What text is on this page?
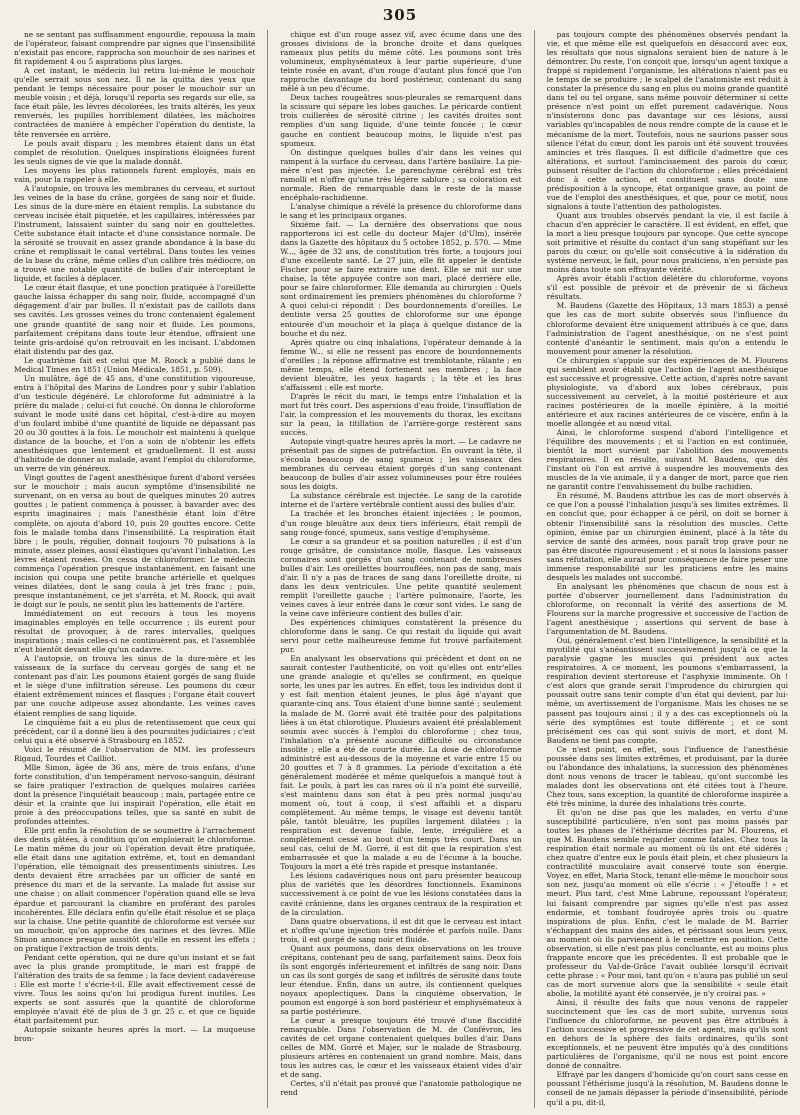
305

ne se sentant pas suffisamment engourdie, repoussa la main de l'opérateur, faisant comprendre par signes que l'insensibilité n'existait pas encore, rapprocha son mouchoir de ses narines et fit rapidement 4 ou 5 aspirations plus larges.

A cet instant, le médecin lui retira lui-même le mouchoir qu'elle serrait sous son nez. Il ne la quitta des yeux que pendant le temps nécessaire pour poser le mouchoir sur un meuble voisin ; et déjà, lorsqu'il reporta ses regards sur elle, sa face était pâle, les lèvres décolorées, les traits altérés, les yeux renversés, les pupilles horriblement dilatées, les mâchoires contractées de manière à empêcher l'opération du dentiste, la tête renversée en arrière.

Le pouls avait disparu ; les membres étaient dans un état complet de résolution. Quelques inspirations éloignées furent les seuls signes de vie que la malade donnât.

Les moyens les plus rationnels furent employés, mais en vain, pour la rappeler à elle.

A l'autopsie, on trouva les membranes du cerveau, et surtout les veines de la base du crâne, gorgées de sang noir et fluide. Les sinus de la dure-mère en étaient remplis. La substance du cerveau incisée était piquetée, et les capillaires, intéressées par l'instrument, laissaient suinter du sang noir en gouttelettes. Cette substance était intacte et d'une consistance normale. De la sérosité se trouvait en assez grande abondance à la base du crâne et remplissait le canal vertébral. Dans toutes les veines de la base du crâne, même celles d'un calibre très médiocre, on a trouvé une notable quantité de bulles d'air interceptant le liquide, et faciles à déplacer.

Le cœur était flasque, et une ponction pratiquée à l'oreillette gauche laissa échapper du sang noir, fluide, accompagné d'un dégagement d'air par bulles. Il n'existait pas de caillots dans ses cavités. Les grosses veines du tronc contenaient également une grande quantité de sang noir et fluide. Les poumons, parfaitement crépitans dans toute leur étendue, offraient une teinte gris-ardoisé qu'on retrouvait en les incisant. L'abdomen était distendu par des gaz.

Le quatrième fait est celui que M. Roock a publié dans le Medical Times en 1851 (Union Médicale, 1851, p. 509).

Un mulâtre, âgé de 45 ans, d'une constitution vigoureuse, entra à l'hôpital des Marins de Londres pour y subir l'ablation d'un testicule dégénéré. Le chloroforme fut administré à la prière du malade ; celui-ci fut couché. On donna le chloroforme suivant le mode usité dans cet hôpital, c'est-à-dire au moyen d'un foulard imbibé d'une quantité de liquide ne dépassant pas 20 ou 30 gouttes à la fois. Le mouchoir est maintenu à quelque distance de la bouche, et l'on a soin de n'obtenir les effets anesthésiques que lentement et graduellement. Il est aussi d'habitude de donner au malade, avant l'emploi du chloroforme, un verre de vin généreux.

Vingt gouttes de l'agent anesthésique furent d'abord versées sur le mouchoir ; mais aucun symptôme d'insensibilité ne survenant, on en versa au bout de quelques minutes 20 autres gouttes ; le patient commença à pousser, à bavarder avec des esprits imaginaires ; mais l'anesthésie étant loin d'être complète, on ajouta d'abord 10, puis 20 gouttes encore. Cette fois le malade tomba dans l'insensibilité. La respiration était libre ; le pouls, régulier, donnait toujours 70 pulsations à la minute, assez pleines, aussi élastiques qu'avant l'inhalation. Les lèvres étaient rosées. On cessa de chloroformer. Le médecin commença l'opération presque instantanément, en faisant une incision qui coupa une petite branche artérielle et quelques veines dilatées, dont le sang coula à jet très franc ; puis, presque instantanément, ce jet s'arrêta, et M. Roock, qui avait le doigt sur le pouls, ne sentit plus les battements de l'artère.

Immédiatement on eut recours à tous les moyens imaginables employés en telle occurrence ; ils eurent pour résultat de provoquer, à de rares intervalles, quelques inspirations ; mais celles-ci ne continuèrent pas, et l'assemblée n'eut bientôt devant elle qu'un cadavre.

A l'autopsie, on trouva les sinus de la dure-mère et les vaisseaux de la surface du cerveau gorgés de sang et ne contenant pas d'air. Les poumons étaient gorgés de sang fluide et le siège d'une infiltration séreuse. Les poumons du cœur étaient extrêmement minces et flasques ; l'organe était couvert par une couche adipeuse assez abondante. Les veines caves étaient remplies de sang liquide.

Le cinquième fait a eu plus de retentissement que ceux qui précèdent, car il a donné lieu à des poursuites judiciaires ; c'est celui qui a été observé à Strasbourg en 1852.

Voici le résumé de l'observation de MM. les professeurs Rigaud, Tourdes et Cailliot.

Mlle Simon, âgée de 36 ans, mère de trois enfans, d'une forte constitution, d'un tempérament nervoso-sanguin, désirant se faire pratiquer l'extraction de quelques molaires cariées dont la présence l'inquiétait beaucoup ; mais, partagée entre ce désir et la crainte que lui inspirait l'opération, elle était en proie à des préoccupations telles, que sa santé en subit de profondes atteintes.

Elle prit enfin la résolution de se soumettre à l'arrachement des dents gâtées, à condition qu'on emploierait le chloroforme. Le matin même du jour où l'opération devait être pratiquée, elle était dans une agitation extrême, et, tout en demandant l'opération, elle témoignait des pressentiments sinistres. Les dents devaient être arrachées par un officier de santé en présence du mari et de la servante. La malade fut assise sur une chaise ; on allait commencer l'opération quand elle se leva épardue et parcourant la chambre en proférant des paroles incohérentes. Elle déclara enfin qu'elle était résolue et se plaça sur la chaise. Une petite quantité de chloroforme est versée sur un mouchoir, qu'on approche des narines et des lèvres. Mlle Simon annonce presque aussitôt qu'elle en ressent les effets ; on pratique l'extraction de trois dents.

Pendant cette opération, qui ne dure qu'un instant et se fait avec la plus grande promptitude, le mari est frappé de l'altération des traits de sa femme ; la face devient cadavéreuse : Elle est morte ! s'écrie-t-il. Elle avait effectivement cessé de vivre. Tous les soins qu'on lui prodigua furent inutiles. Les experts se sont assurés que la quantité de chloroforme employée n'avait été de plus de 3 gr. 25 c. et que ce liquide était parfaitement pur.

Autopsie soixante heures après la mort. — La muqueuse bron-

chique est d'un rouge assez vif, avec écume dans une des grosses divisions de la bronche droite et dans quelques rameaux plus petits du même côté. Les poumons sont très volumineux, emphysémateux à leur partie supérieure, d'une teinte rosée en avant, d'un rouge d'autant plus foncé que l'on rapproche davantage du bord postérieur, contenant du sang mêlé à un peu d'écume.

Deux taches rougeâtres sous-pleurales se remarquent dans la scissure qui sépare les lobes gauches. Le péricarde contient trois cuillerées de sérosité citrine ; les cavités droites sont remplies d'un sang liquide, d'une teinte foncée ; le cœur gauche en contient beaucoup moins, le liquide n'est pas spumeux.

On distingue quelques bulles d'air dans les veines qui rampent à la surface du cerveau, dans l'artère basilaire. La pie-mère n'est pas injectée. Le parenchyme cérébral est très ramolli et n'offre qu'une très légère sablure ; sa coloration est normale. Rien de remarquable dans le reste de la masse encéphalo-rachidienne.

L'analyse chimique a révélé la présence du chloroforme dans le sang et les principaux organes.

Sixième fait. — La dernière des observations que nous rapporterons ici est celle du docteur Majer (d'Ulm), insérée dans la Gazette des hôpitaux du 5 octobre 1852, p. 570. — Mme W..., âgée de 32 ans, de constitution très forte, a toujours joui d'une excellente santé. Le 27 juin, elle fit appeler le dentiste Fischer pour se faire extraire une dent. Elle se mit sur une chaise, la tête appuyée contre son mari, placé derrière elle, pour se faire chloroformer. Elle demanda au chirurgien : Quels sont ordinairement les premiers phénomènes du chloroforme ? A quoi celui-ci répondit : Des bourdonnements d'oreilles. Le dentiste versa 25 gouttes de chloroforme sur une éponge entourée d'un mouchoir et la plaça à quelque distance de la bouche et du nez.

Après quatre ou cinq inhalations, l'opérateur demande à la femme W... si elle ne ressent pas encore de bourdonnements d'oreilles ; la réponse affirmative est tremblotante, râlante ; en même temps, elle étend fortement ses membres ; la face devient bleuâtre, les yeux hagards ; la tête et les bras s'affaissent : elle est morte.

D'après le récit du mari, le temps entre l'inhalation et la mort fut très court. Des aspersions d'eau froide, l'insufflation de l'air, la compression et les mouvements du thorax, les excitans sur la peau, la titillation de l'arrière-gorge restèrent sans succès.

Autopsie vingt-quatre heures après la mort. — Le cadavre ne présentait pas de signes de putréfaction. En ouvrant la tête, il s'écoula beaucoup de sang spumeux ; les vaisseaux des membranes du cerveau étaient gorgés d'un sang contenant beaucoup de bulles d'air assez volumineuses pour être roulées sous les doigts.

La substance cérébrale est injectée. Le sang de la carotide interne et de l'artère vertébrale contient aussi des bulles d'air.

La trachée et les bronches étaient injectées ; le poumon, d'un rouge bleuâtre aux deux tiers inférieurs, était rempli de sang rouge-foncé, spumeux, sans vestige d'emphysème.

Le cœur a sa grandeur et sa position naturelles ; il est d'un rouge grisâtre, de consistance molle, flasque. Les vaisseaux coronaires sont gorgés d'un sang contenant de nombreuses bulles d'air. Les oreillettes bourrouflées, non pas de sang, mais d'air. Il n'y a pas de traces de sang dans l'oreillette droite, ni dans les deux ventricules. Une petite quantité seulement remplit l'oreillette gauche ; l'artère pulmonaire, l'aorte, les veines caves à leur entrée dans le cœur sont vides. Le sang de la veine cave inférieure contient des bulles d'air.

Des expériences chimiques constatèrent la présence du chloroforme dans le sang. Ce qui restait du liquide qui avait servi pour cette malheureuse femme fut trouvé parfaitement pur.

En analysant les observations qui précèdent et dont on ne saurait contester l'authenticité, on voit qu'elles ont entr'elles une grande analogie et qu'elles se confirment, en quelque sorte, les unes par les autres. En effet, tous les individus dont il y est fait mention étaient jeunes, le plus âgé n'ayant que quarante-cinq ans. Tous étaient d'une bonne santé ; seulement la malade de M. Gorré avait été traitée pour des palpitations liées à un état chlorotique. Plusieurs avaient été préalablement soumis avec succès à l'emploi du chloroforme ; chez tous, l'inhalation n'a présenté aucune difficulté ou circonstance insolite ; elle a été de courte durée. La dose de chloroforme administré est au-dessous de la moyenne et varie entre 15 ou 20 gouttes et 7 à 8 grammes. La période d'excitation a été généralement modérée et même quelquefois a manqué tout à fait. Le pouls, à part les cas rares où il n'a point été surveillé, s'est maintenu dans son état à peu près normal jusqu'au moment où, tout à coup, il s'est affaibli et a disparu complètement. Au même temps, le visage est devenu tantôt pâle, tantôt bleuâtre, les pupilles largement dilatées ; la respiration est devenue faible, lente, irrégulière et a complètement cessé au bout d'un temps très court. Dans un seul cas, celui de M. Gorré, il est dit que la respiration s'est embarrassée et que la malade a eu de l'écume à la bouche. Toujours la mort a été très rapide et presque instantanée.

Les lésions cadavériques nous ont paru présenter beaucoup plus de variétés que les désordres fonctionnels. Examinons successivement à ce point de vue les lésions constatées dans la cavité crânienne, dans les organes centraux de la respiration et de la circulation.

Dans quatre observations, il est dit que le cerveau est intact et n'offre qu'une injection très modérée et parfois nulle. Dans trois, il est gorgé de sang noir et fluide.

Quant aux poumons, dans deux observations on les trouve crépitans, contenant peu de sang, parfaitement sains. Deux fois ils sont engorgés inférieurement et infiltrés de sang noir. Dans un cas ils sont gorgés de sang et infiltrés de sérosité dans toute leur étendue. Enfin, dans un autre, ils contiennent quelques noyaux apoplectiques. Dans la cinquième observation, le poumon est engorgé à son bord postérieur et emphysémateux à sa partie postérieure.

Le cœur a presque toujours été trouvé d'une flaccidité remarquable. Dans l'observation de M. de Confévron, les cavités de cet organe contenaient quelques bulles d'air. Dans celles de MM. Gorré et Majer, sur le malade de Strasbourg, plusieurs artères en contenaient un grand nombre. Mais, dans tous les autres cas, le cœur et les vaisseaux étaient vides d'air et de sang.

Certes, s'il n'était pas prouvé que l'anatomie pathologique ne rend

pas toujours compte des phénomènes observés pendant la vie, et que même elle est quelquefois en désaccord avec eux, les résultats que nous signalons seraient bien de nature à le démontrer. Du reste, l'on conçoit que, lorsqu'un agent toxique a frappé si rapidement l'organisme, les altérations n'aient pas eu le temps de se produire ; le scalpel de l'anatomiste est réduit à constater la présence du sang en plus ou moins grande quantité dans tel ou tel organe, sans même pouvoir déterminer si cette présence n'est point un effet purement cadavérique. Nous n'insisterons donc pas davantage sur ces lésions, aussi variables qu'incapables de nous rendre compte de la cause et le mécanisme de la mort. Toutefois, nous ne saurions passer sous silence l'état du cœur, dont les parois ont été souvent trouvées amincies et très flasques. Il est difficile d'admettre que ces altérations, et surtout l'amincissement des parois du cœur, puissent résulter de l'action du chloroforme ; elles précédaient donc à cette action, et constituent sans doute une prédisposition à la syncope, état organique grave, au point de vue de l'emploi des anesthésiques, et que, pour ce motif, nous signalons à toute l'attention des pathologistes.

Quant aux troubles observés pendant la vie, il est facile à chacun d'en apprécier le caractère. Il est évident, en effet, que la mort a lieu presque toujours par syncope. Que cette syncope soit primitive et résulte du contact d'un sang stupéfiant sur les parois du cœur, ou qu'elle soit consécutive à la sidération du système nerveux, le fait, pour nous praticiens, n'en persiste pas moins dans toute son effrayante vérité.

Après avoir établi l'action délétère du chloroforme, voyons s'il est possible de prévoir et de prévenir de si fâcheux résultats.

M. Baudens (Gazette des Hôpitaux, 13 mars 1853) a pensé que les cas de mort subite observés sous l'influence du chloroforme devaient être uniquement attribués à ce que, dans l'administration de l'agent anesthésique, on ne s'est point contenté d'anéantir le sentiment, mais qu'on a entendu le mouvement pour amener la résolution.

Ce chirurgien s'appuie sur des expériences de M. Flourens qui semblent avoir établi que l'action de l'agent anesthésique est successive et progressive. Cette action, d'après notre savant physiologiste, va d'abord aux lobes cérébraux, puis successivement au cervelet, à la moitié postérieure et aux racines postérieures de la moelle épinière, à la moitié antérieure et aux racines antérieures de ce viscère, enfin à la moelle allongée et au nœud vital.

Ainsi, le chloroforme suspend d'abord l'intelligence et l'équilibre des mouvements ; et si l'action en est continuée, bientôt la mort survient par l'abolition des mouvements respiratoires. Il en résulte, suivant M. Baudens, que dès l'instant où l'on est arrivé à suspendre les mouvements des muscles de la vie animale, il y a danger de mort, parce que rien ne garantit contre l'envahissement du bulbe rachidien.

En résumé, M. Baudens attribue les cas de mort observés à ce que l'on a poussé l'inhalation jusqu'à ses limites extrêmes. Il en conclut que, pour échapper à ce péril, on doit se borner à obtenir l'insensibilité sans la résolution des muscles. Cette opinion, émise par un chirurgien éminent, placé à la tête du service de santé des armées, nous paraît trop grave pour ne pas être discutée rigoureusement ; et si nous la laissions passer sans réfutation, elle aurait pour conséquence de faire peser une immense responsabilité sur les praticiens entre les mains desquels les malades ont succombé.

En analysant les phénomènes que chacun de nous est à portée d'observer journellement dans l'administration du chloroforme, on reconnaît la vérité des assertions de M. Flourens sur la marche progressive et successive de l'action de l'agent anesthésique ; assertions qui servent de base à l'argumentation de M. Baudens.

Oui, généralement c'est bien l'intelligence, la sensibilité et la myotilité qui s'anéantissent successivement jusqu'à ce que la paralysie gagne les muscles qui président aux actes respiratoires. A ce moment, les poumons s'embarrassent, la respiration devient stertoreuse et l'asphyxie imminente. Oh ! c'est alors que grande serait l'imprudence du chirurgien qui poussait outre sans tenir compte d'un état qui devient, par lui-même, un avertissement de l'organisme. Mais les choses ne se passent pas toujours ainsi ; il y a des cas exceptionnels où la série des symptômes est toute différente ; et ce sont précisément ces cas qui sont suivis de mort, et dont M. Baudens ne tient pas compte.

Ce n'est point, en effet, sous l'influence de l'anesthésie poussée dans ses limites extrêmes, et produisant, par la durée ou l'abondance des inhalations, la succession des phénomènes dont nous venons de tracer le tableau, qu'ont succombé les malades dont les observations ont été citées tout à l'heure. Chez tous, sans exception, la quantité de chloroforme inspirée a été très minime, la durée des inhalations très courte.

Et qu'on ne dise pas que les malades, en vertu d'une susceptibilité particulière, n'en sont pas moins passés par toutes les phases de l'éthérisme décrites par M. Flourens, et que M. Baudens semble regarder comme fatales. Chez tous la respiration était normale au moment où ils ont été sidérés ; chez quatre d'entre eux le pouls était plein, et chez plusieurs la contractilité musculaire avait conservé toute son énergie. Voyez, en effet, Maria Stock, tenant elle-même le mouchoir sous son nez, jusqu'au moment où elle s'écrie : « J'étouffe ! » et meurt. Plus tard, c'est Mme Labrune, repoussant l'opérateur, lui faisant comprendre par signes qu'elle n'est pas assez endormie, et tombant foudroyée après trois ou quatre inspirations de plus. Enfin, c'est le malade de M. Barrier s'échappant des mains des aides, et périssant sous leurs yeux, au moment où ils parviennent à le remettre en position. Cette observation, si elle n'est pas plus concluante, est au moins plus frappante encore que les précédentes. Il est probable que le professeur du Val-de-Grâce l'avait oubliée lorsqu'il écrivait cette phrase : « Pour moi, tant qu'on « n'aura pas publié un seul cas de mort survenue alors que la sensibilité « seule était abolie, la motilité ayant été conservée, je n'y croirai pas. »

Ainsi, il résulte des faits que nous venons de rappeler succinctement que les cas de mort subite, survenus sous l'influence du chloroforme, ne peuvent pas être attribués à l'action successive et progressive de cet agent, mais qu'ils sont en dehors de la sphère des faits ordinaires, qu'ils sont exceptionnels, et ne peuvent être imputés qu'à des conditions particulières de l'organisme, qu'il ne nous est point encore donné de connaître.

Effrayé par les dangers d'homicide qu'on court sans cesse en poussant l'éthérisme jusqu'à la résolution, M. Baudens donne le conseil de ne jamais dépasser la période d'insensibilité, période qu'il a pu, dit-il,
